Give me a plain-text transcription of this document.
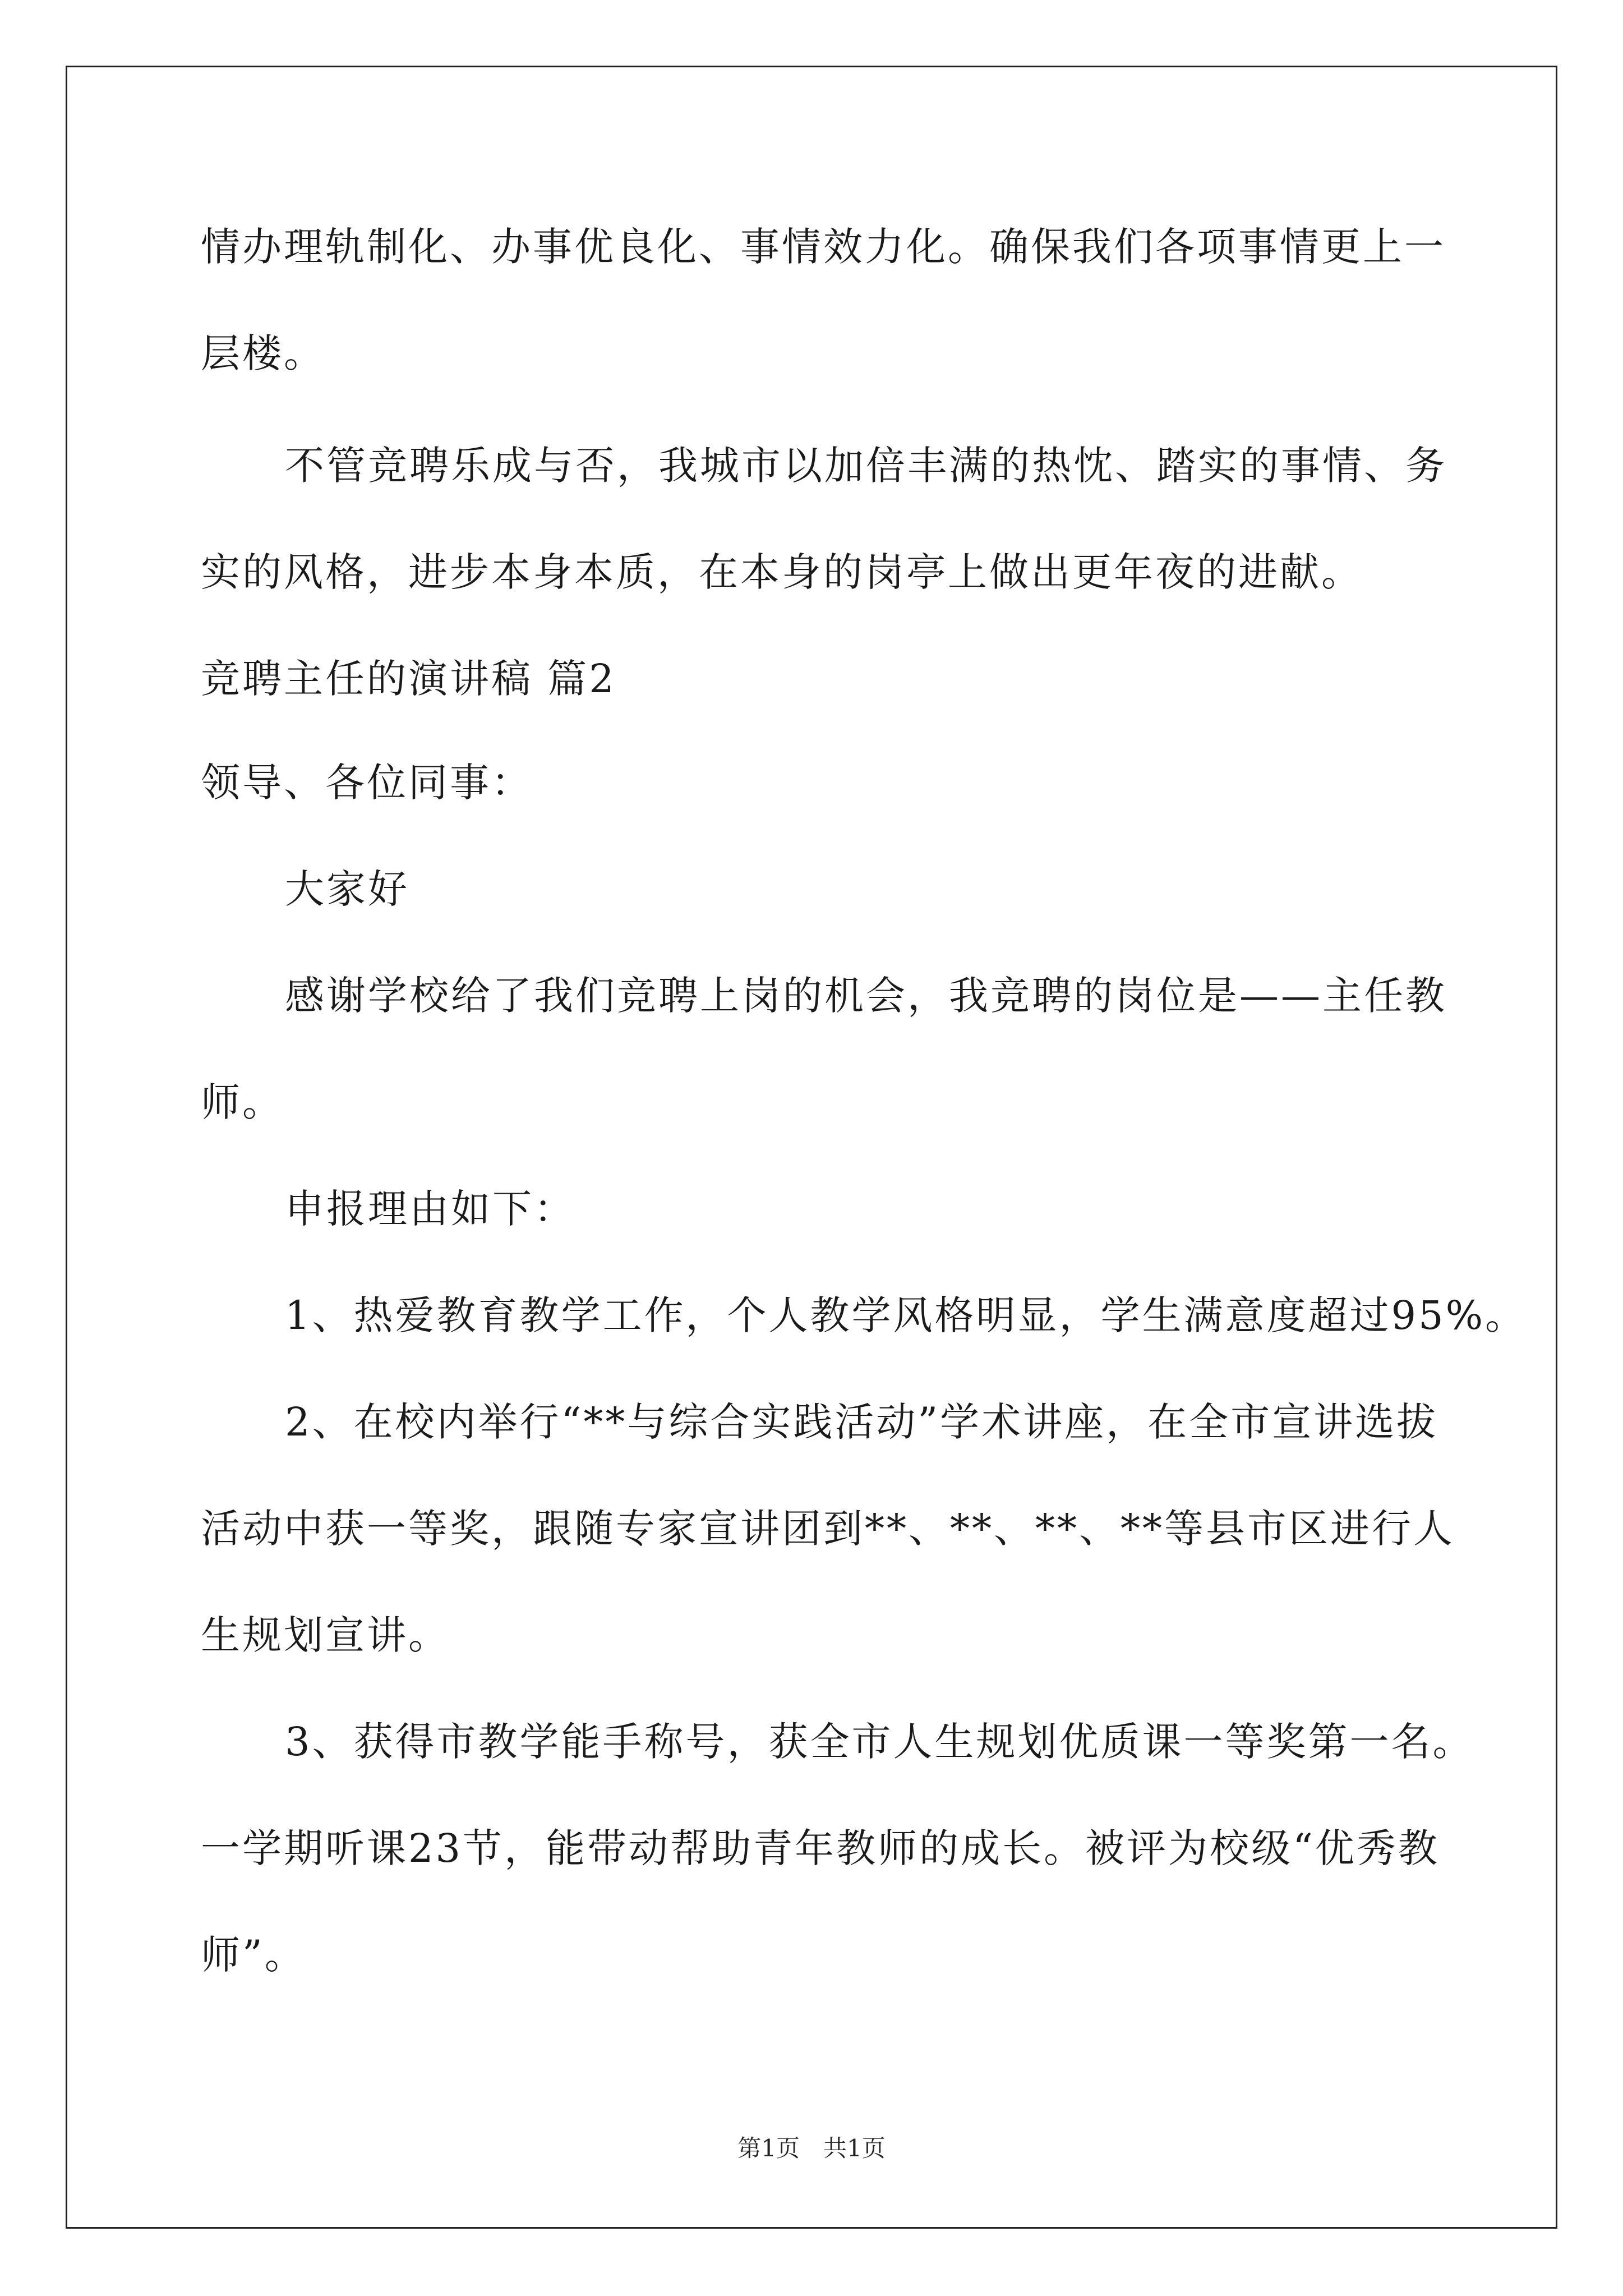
情办理轨制化、办事优良化、事情效力化。确保我们各项事情更上一
层楼。
不管竞聘乐成与否，我城市以加倍丰满的热忱、踏实的事情、务
实的风格，进步本身本质，在本身的岗亭上做出更年夜的进献。
竞聘主任的演讲稿 篇2
领导、各位同事：
大家好
感谢学校给了我们竞聘上岗的机会，我竞聘的岗位是——主任教
师。
申报理由如下：
1、热爱教育教学工作，个人教学风格明显，学生满意度超过95%。
2、在校内举行“**与综合实践活动”学术讲座，在全市宣讲选拔
活动中获一等奖，跟随专家宣讲团到**、**、**、**等县市区进行人
生规划宣讲。
3、获得市教学能手称号，获全市人生规划优质课一等奖第一名。
一学期听课23节，能带动帮助青年教师的成长。被评为校级“优秀教
师”。
第1页　共1页
